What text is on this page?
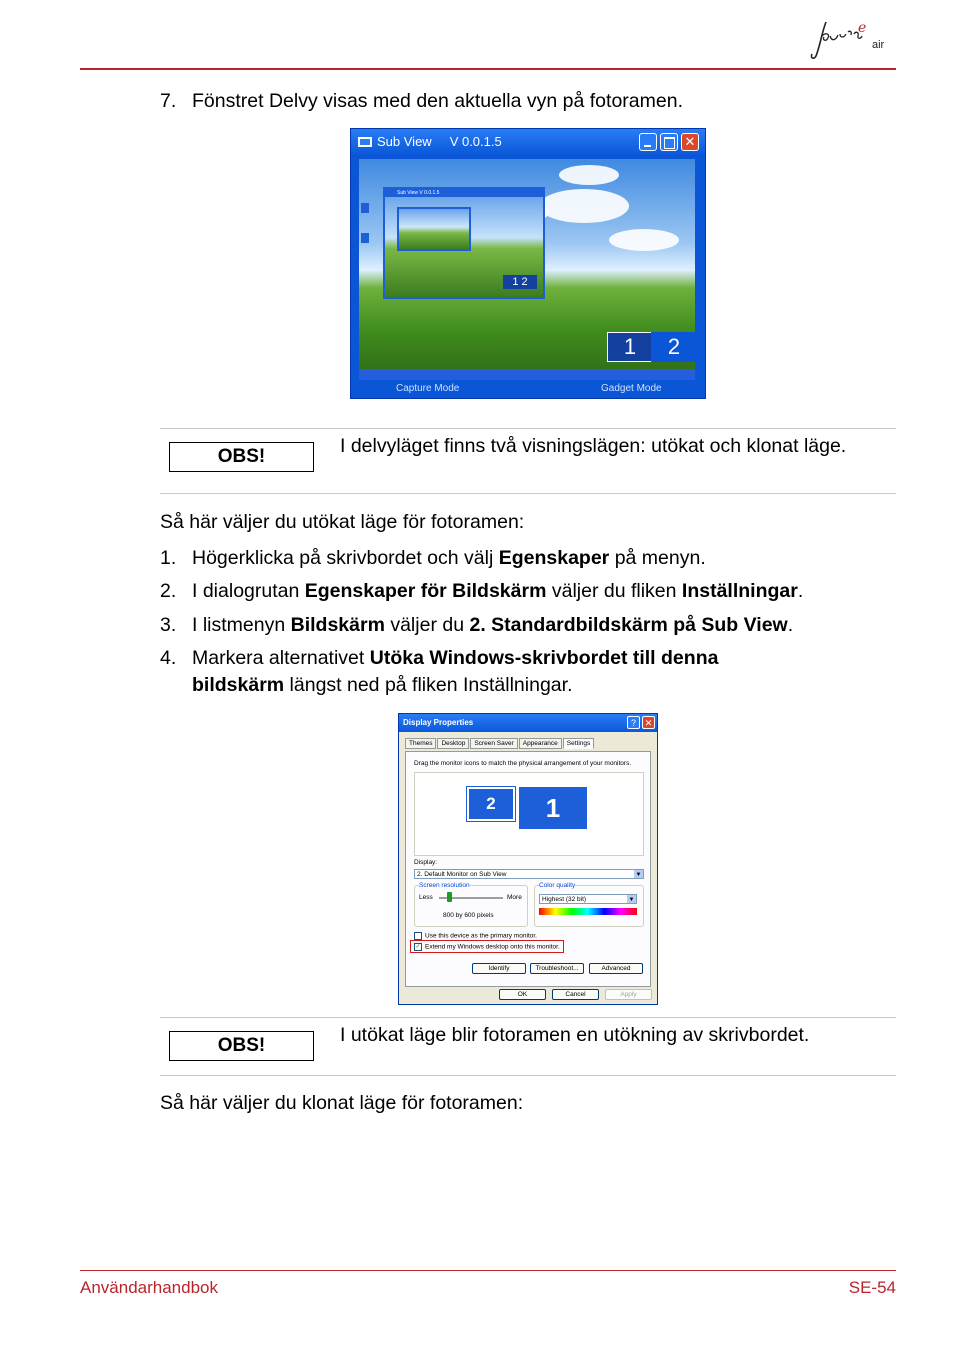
e
air
7. Fönstret Delvy visas med den aktuella vyn på fotoramen.
Sub View V 0.0.1.5	✕
Sub View V 0.0.1.5
1 2
1	2
Capture Mode	Gadget Mode
OBS!	I delvyläget finns två visningslägen: utökat och klonat läge.
Så här väljer du utökat läge för fotoramen:
1. Högerklicka på skrivbordet och välj Egenskaper på menyn.
2. I dialogrutan Egenskaper för Bildskärm väljer du fliken Inställningar.
3. I listmenyn Bildskärm väljer du 2. Standardbildskärm på Sub View.
4. Markera alternativet Utöka Windows-skrivbordet till denna
bildskärm längst ned på fliken Inställningar.
Display Properties	? ✕
Themes Desktop Screen Saver Appearance Settings
Drag the monitor icons to match the physical arrangement of your monitors.
2	1
Display:
2. Default Monitor on Sub View	▼
Screen resolution
Less	More
800 by 600 pixels
Color quality
Highest (32 bit)	▼
Use this device as the primary monitor.
✓ Extend my Windows desktop onto this monitor.
Identify	Troubleshoot...	Advanced
OK	Cancel	Apply
OBS!	I utökat läge blir fotoramen en utökning av skrivbordet.
Så här väljer du klonat läge för fotoramen:
Användarhandbok	SE-54
